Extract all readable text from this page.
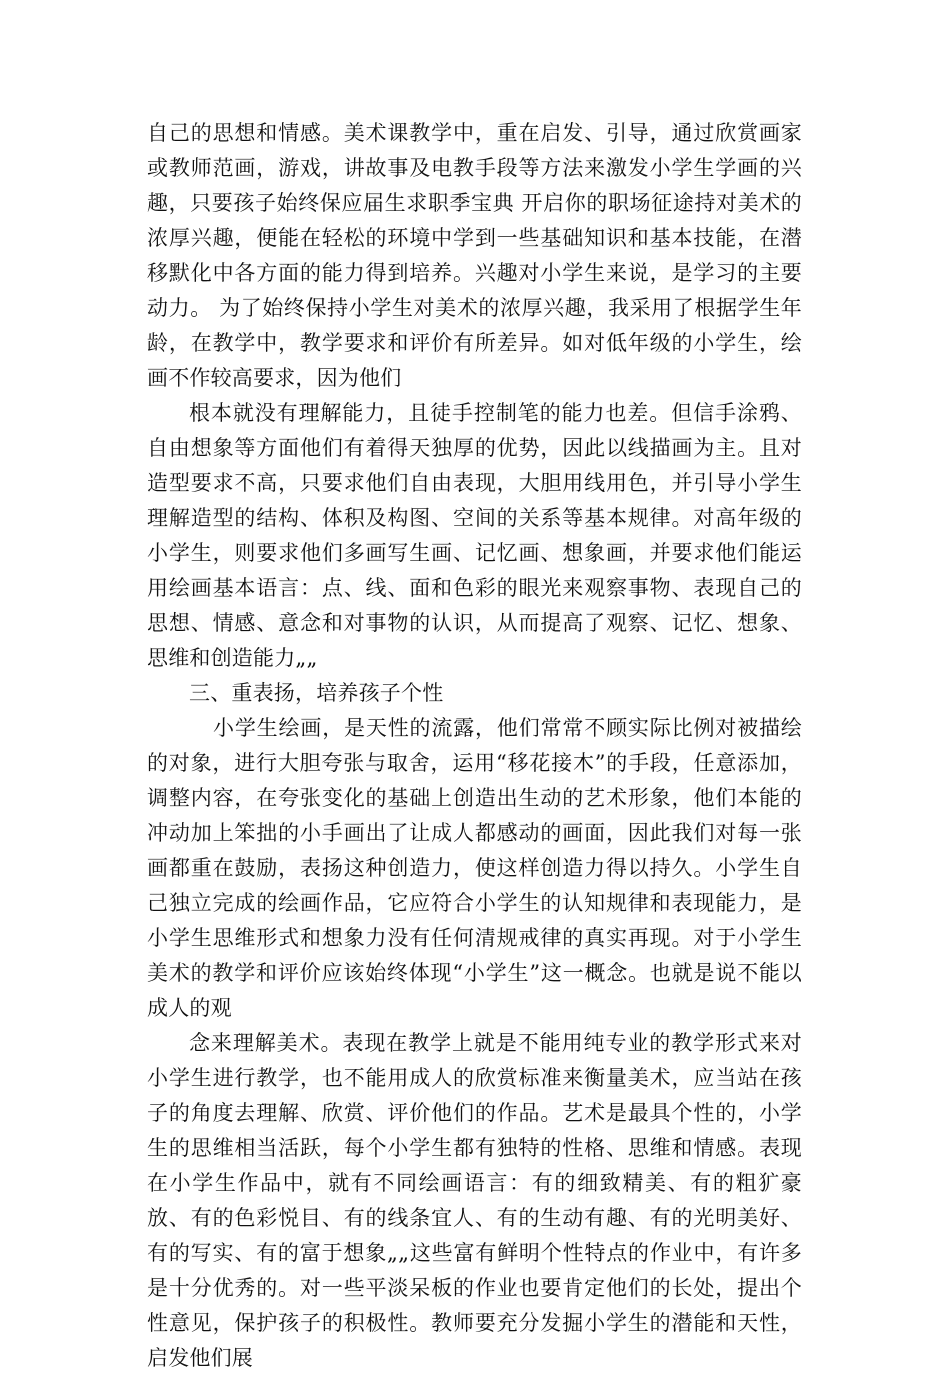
自己的思想和情感。美术课教学中，重在启发、引导，通过欣赏画家或教师范画，游戏，讲故事及电教手段等方法来激发小学生学画的兴趣，只要孩子始终保应届生求职季宝典 开启你的职场征途持对美术的浓厚兴趣，便能在轻松的环境中学到一些基础知识和基本技能，在潜移默化中各方面的能力得到培养。兴趣对小学生来说，是学习的主要动力。 为了始终保持小学生对美术的浓厚兴趣，我采用了根据学生年龄，在教学中，教学要求和评价有所差异。如对低年级的小学生，绘画不作较高要求，因为他们

根本就没有理解能力，且徒手控制笔的能力也差。但信手涂鸦、自由想象等方面他们有着得天独厚的优势，因此以线描画为主。且对造型要求不高，只要求他们自由表现，大胆用线用色，并引导小学生理解造型的结构、体积及构图、空间的关系等基本规律。对高年级的小学生，则要求他们多画写生画、记忆画、想象画，并要求他们能运用绘画基本语言：点、线、面和色彩的眼光来观察事物、表现自己的思想、情感、意念和对事物的认识，从而提高了观察、记忆、想象、思维和创造能力„„

三、重表扬，培养孩子个性

小学生绘画，是天性的流露，他们常常不顾实际比例对被描绘的对象，进行大胆夸张与取舍，运用“移花接木”的手段，任意添加，调整内容，在夸张变化的基础上创造出生动的艺术形象，他们本能的冲动加上笨拙的小手画出了让成人都感动的画面，因此我们对每一张画都重在鼓励，表扬这种创造力，使这样创造力得以持久。小学生自己独立完成的绘画作品，它应符合小学生的认知规律和表现能力，是小学生思维形式和想象力没有任何清规戒律的真实再现。对于小学生美术的教学和评价应该始终体现“小学生”这一概念。也就是说不能以成人的观

念来理解美术。表现在教学上就是不能用纯专业的教学形式来对小学生进行教学，也不能用成人的欣赏标准来衡量美术，应当站在孩子的角度去理解、欣赏、评价他们的作品。艺术是最具个性的，小学生的思维相当活跃，每个小学生都有独特的性格、思维和情感。表现在小学生作品中，就有不同绘画语言：有的细致精美、有的粗犷豪放、有的色彩悦目、有的线条宜人、有的生动有趣、有的光明美好、有的写实、有的富于想象„„这些富有鲜明个性特点的作业中，有许多是十分优秀的。对一些平淡呆板的作业也要肯定他们的长处，提出个性意见，保护孩子的积极性。教师要充分发掘小学生的潜能和天性，启发他们展
